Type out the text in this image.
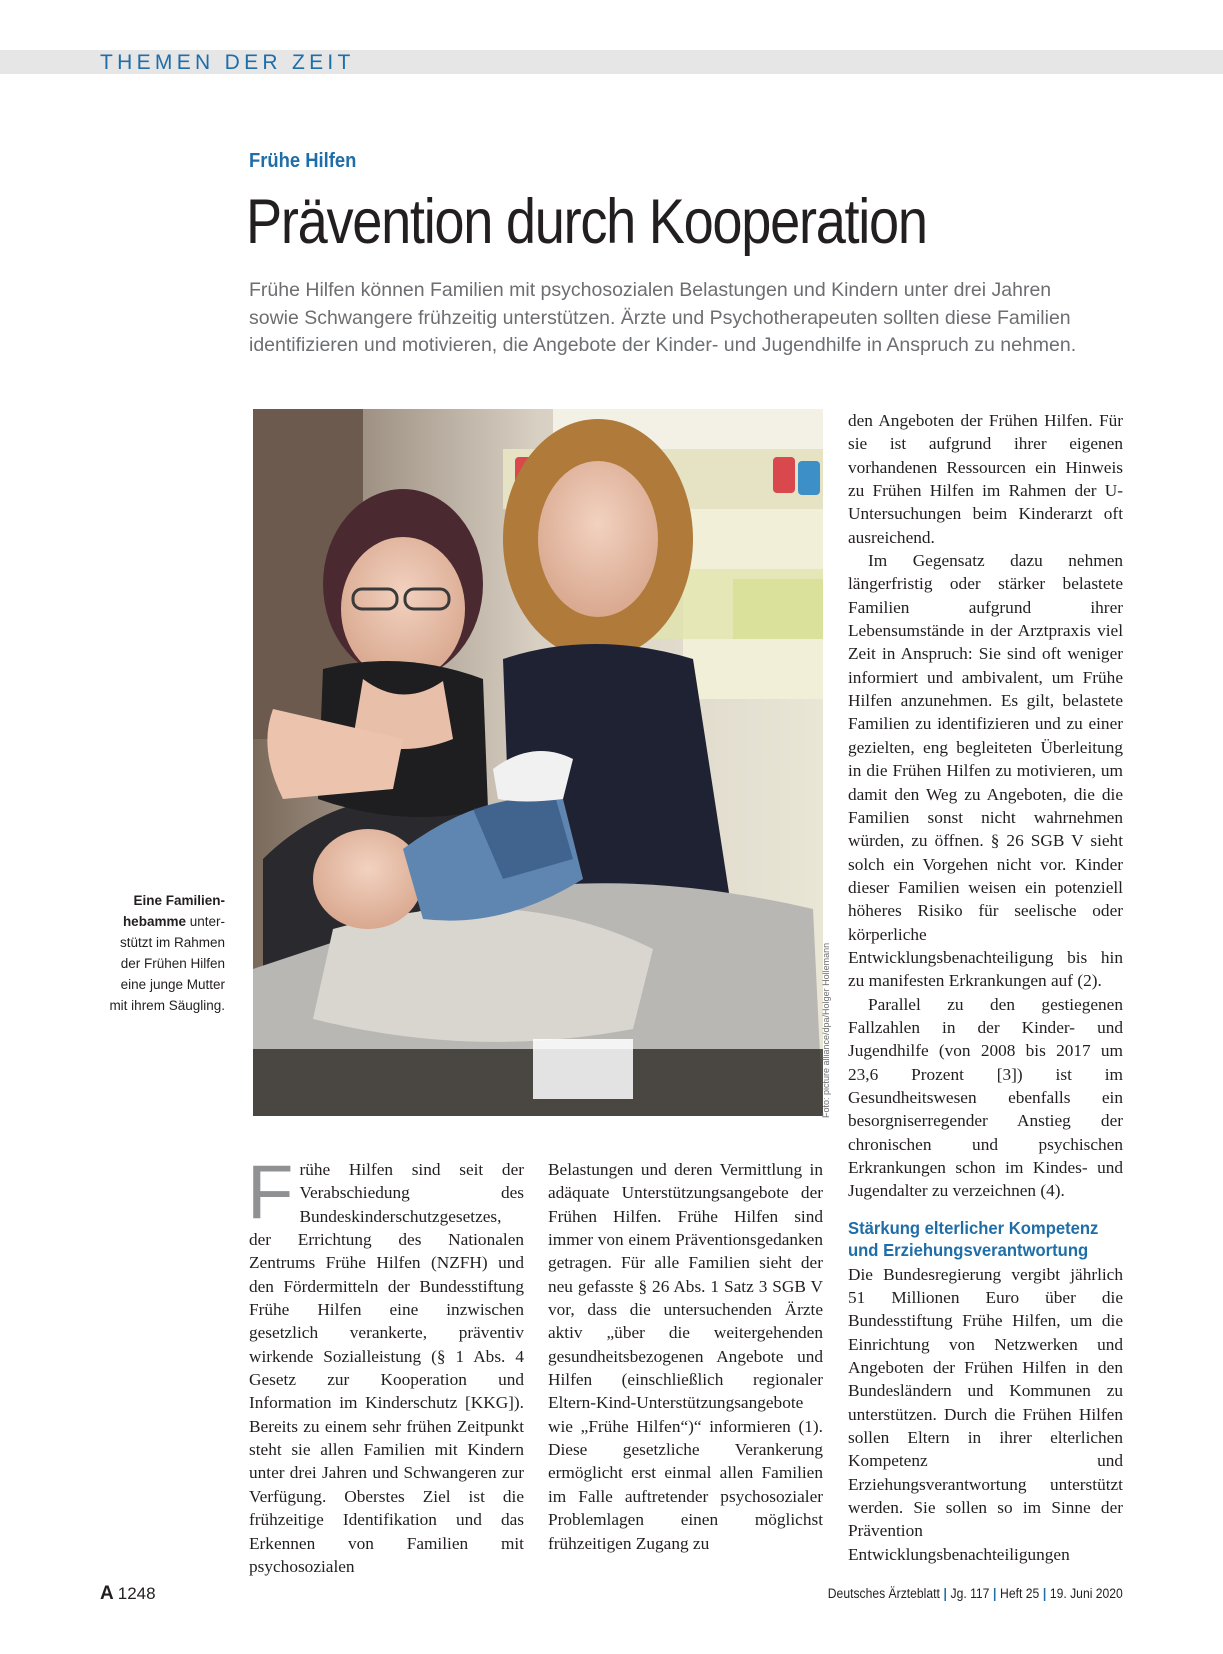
THEMEN DER ZEIT
Frühe Hilfen
Prävention durch Kooperation
Frühe Hilfen können Familien mit psychosozialen Belastungen und Kindern unter drei Jahren
sowie Schwangere frühzeitig unterstützen. Ärzte und Psychotherapeuten sollten diese Familien
identifizieren und motivieren, die Angebote der Kinder- und Jugendhilfe in Anspruch zu nehmen.
Foto: picture alliance/dpa/Holger Hollemann
Eine Familien-
hebamme unter-
stützt im Rahmen
der Frühen Hilfen
eine junge Mutter
mit ihrem Säugling.

Frühe Hilfen sind seit der Verabschiedung des Bundeskinderschutzgesetzes, der Errichtung des Nationalen Zentrums Frühe Hilfen (NZFH) und den Fördermitteln der Bundesstiftung Frühe Hilfen eine inzwischen gesetzlich verankerte, präventiv wirkende Sozialleistung (§ 1 Abs. 4 Gesetz zur Kooperation und Information im Kinderschutz [KKG]). Bereits zu einem sehr frühen Zeitpunkt steht sie allen Familien mit Kindern unter drei Jahren und Schwangeren zur Verfügung. Oberstes Ziel ist die frühzeitige Identifikation und das Erkennen von Familien mit psychosozialen

Belastungen und deren Vermittlung in adäquate Unterstützungsangebote der Frühen Hilfen. Frühe Hilfen sind immer von einem Präventionsgedanken getragen. Für alle Familien sieht der neu gefasste § 26 Abs. 1 Satz 3 SGB V vor, dass die untersuchenden Ärzte aktiv „über die weitergehenden gesundheitsbezogenen Angebote und Hilfen (einschließlich regionaler Eltern-Kind-Unterstützungsangebote wie „Frühe Hilfen“)“ informieren (1). Diese gesetzliche Verankerung ermöglicht erst einmal allen Familien im Falle auftretender psychosozialer Problemlagen einen möglichst frühzeitigen Zugang zu

den Angeboten der Frühen Hilfen. Für sie ist aufgrund ihrer eigenen vorhandenen Ressourcen ein Hinweis zu Frühen Hilfen im Rahmen der U-Untersuchungen beim Kinderarzt oft ausreichend.

Im Gegensatz dazu nehmen längerfristig oder stärker belastete Familien aufgrund ihrer Lebensumstände in der Arztpraxis viel Zeit in Anspruch: Sie sind oft weniger informiert und ambivalent, um Frühe Hilfen anzunehmen. Es gilt, belastete Familien zu identifizieren und zu einer gezielten, eng begleiteten Überleitung in die Frühen Hilfen zu motivieren, um damit den Weg zu Angeboten, die die Familien sonst nicht wahrnehmen würden, zu öffnen. § 26 SGB V sieht solch ein Vorgehen nicht vor. Kinder dieser Familien weisen ein potenziell höheres Risiko für seelische oder körperliche Entwicklungsbenachteiligung bis hin zu manifesten Erkrankungen auf (2).

Parallel zu den gestiegenen Fallzahlen in der Kinder- und Jugendhilfe (von 2008 bis 2017 um 23,6 Prozent [3]) ist im Gesundheitswesen ebenfalls ein besorgniserregender Anstieg der chronischen und psychischen Erkrankungen schon im Kindes- und Jugendalter zu verzeichnen (4).

Stärkung elterlicher Kompetenz
und Erziehungsverantwortung

Die Bundesregierung vergibt jährlich 51 Millionen Euro über die Bundesstiftung Frühe Hilfen, um die Einrichtung von Netzwerken und Angeboten der Frühen Hilfen in den Bundesländern und Kommunen zu unterstützen. Durch die Frühen Hilfen sollen Eltern in ihrer elterlichen Kompetenz und Erziehungsverantwortung unterstützt werden. Sie sollen so im Sinne der Prävention Entwicklungsbenachteiligungen

A 1248	Deutsches Ärzteblatt | Jg. 117 | Heft 25 | 19. Juni 2020
